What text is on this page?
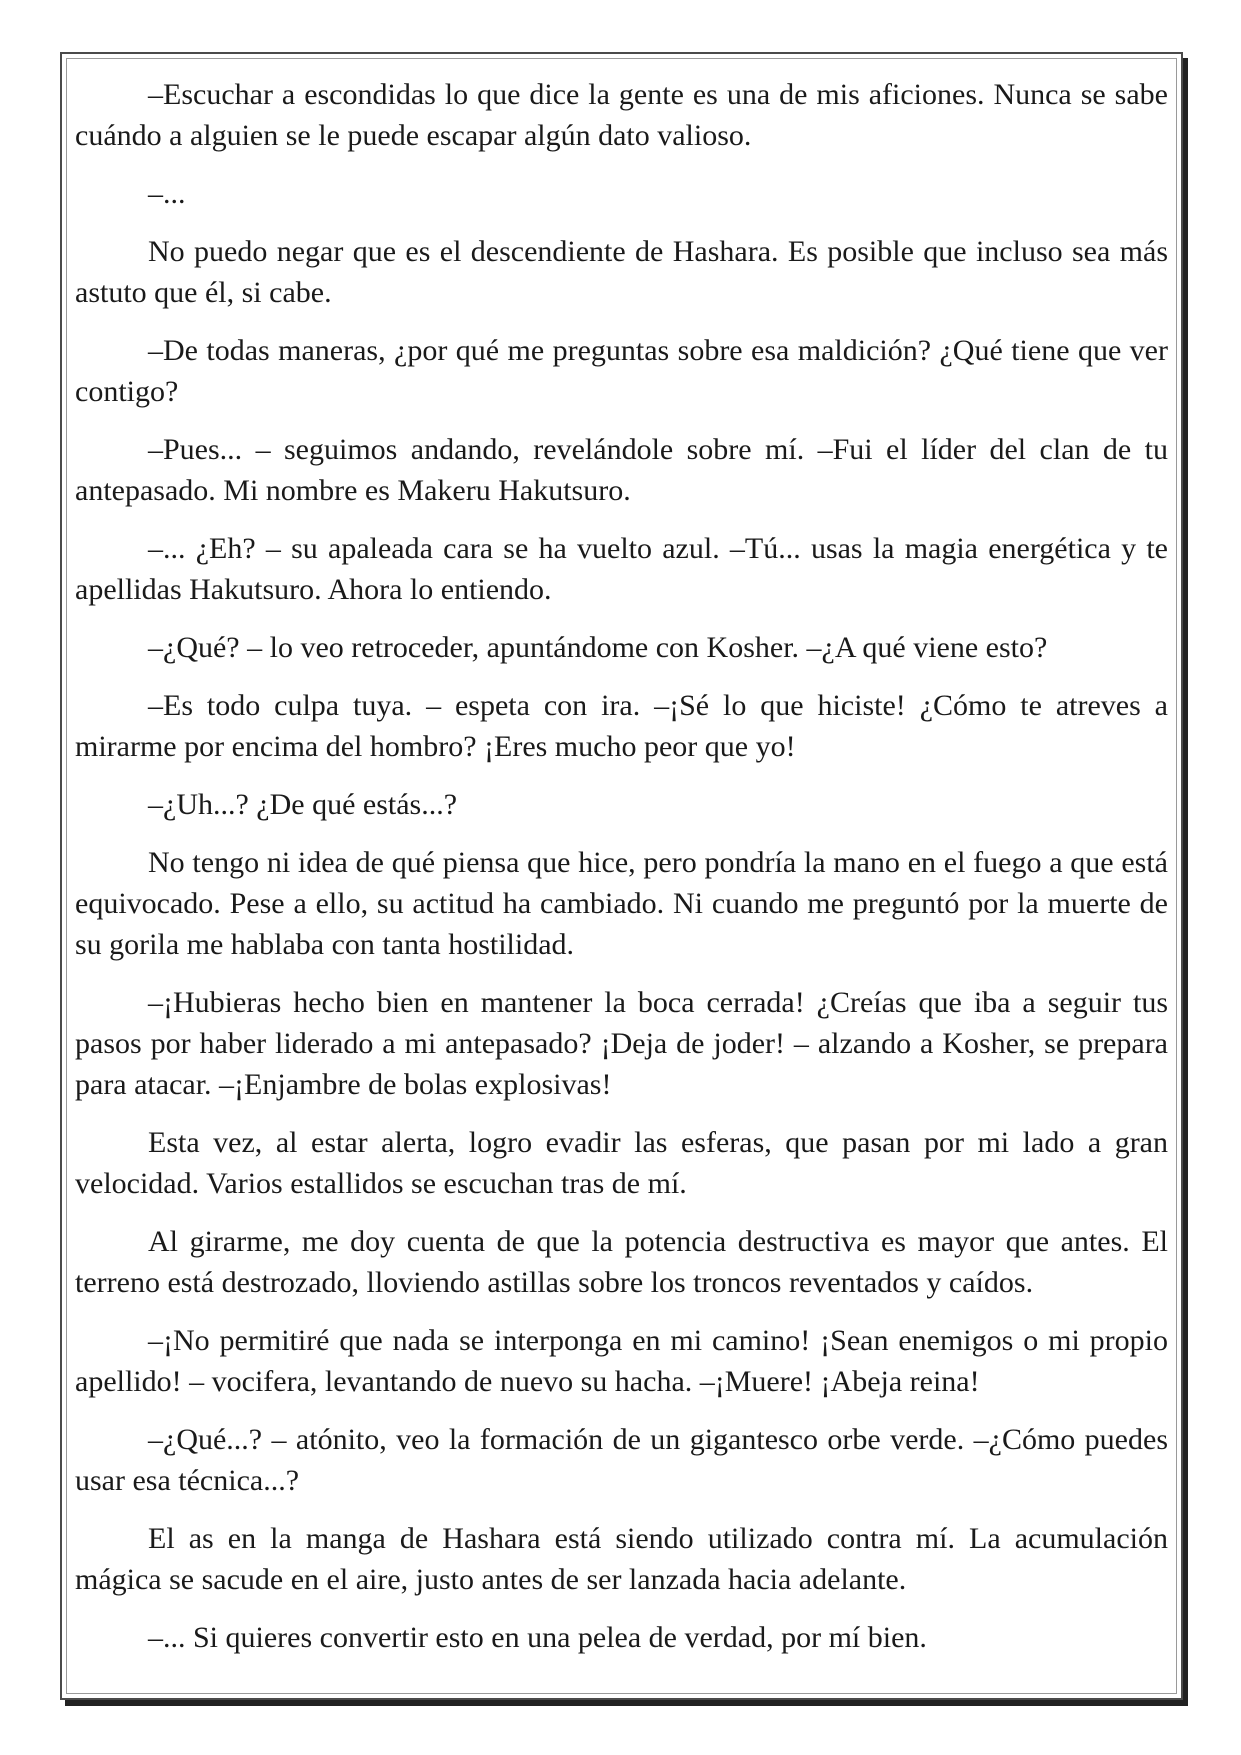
–Escuchar a escondidas lo que dice la gente es una de mis aficiones. Nunca se sabe cuándo a alguien se le puede escapar algún dato valioso.

–...

No puedo negar que es el descendiente de Hashara. Es posible que incluso sea más astuto que él, si cabe.

–De todas maneras, ¿por qué me preguntas sobre esa maldición? ¿Qué tiene que ver contigo?

–Pues... – seguimos andando, revelándole sobre mí. –Fui el líder del clan de tu antepasado. Mi nombre es Makeru Hakutsuro.

–... ¿Eh? – su apaleada cara se ha vuelto azul. –Tú... usas la magia energética y te apellidas Hakutsuro. Ahora lo entiendo.

–¿Qué? – lo veo retroceder, apuntándome con Kosher. –¿A qué viene esto?

–Es todo culpa tuya. – espeta con ira. –¡Sé lo que hiciste! ¿Cómo te atreves a mirarme por encima del hombro? ¡Eres mucho peor que yo!

–¿Uh...? ¿De qué estás...?

No tengo ni idea de qué piensa que hice, pero pondría la mano en el fuego a que está equivocado. Pese a ello, su actitud ha cambiado. Ni cuando me preguntó por la muerte de su gorila me hablaba con tanta hostilidad.

–¡Hubieras hecho bien en mantener la boca cerrada! ¿Creías que iba a seguir tus pasos por haber liderado a mi antepasado? ¡Deja de joder! – alzando a Kosher, se prepara para atacar. –¡Enjambre de bolas explosivas!

Esta vez, al estar alerta, logro evadir las esferas, que pasan por mi lado a gran velocidad. Varios estallidos se escuchan tras de mí.

Al girarme, me doy cuenta de que la potencia destructiva es mayor que antes. El terreno está destrozado, lloviendo astillas sobre los troncos reventados y caídos.

–¡No permitiré que nada se interponga en mi camino! ¡Sean enemigos o mi propio apellido! – vocifera, levantando de nuevo su hacha. –¡Muere! ¡Abeja reina!

–¿Qué...? – atónito, veo la formación de un gigantesco orbe verde. –¿Cómo puedes usar esa técnica...?

El as en la manga de Hashara está siendo utilizado contra mí. La acumulación mágica se sacude en el aire, justo antes de ser lanzada hacia adelante.

–... Si quieres convertir esto en una pelea de verdad, por mí bien.
